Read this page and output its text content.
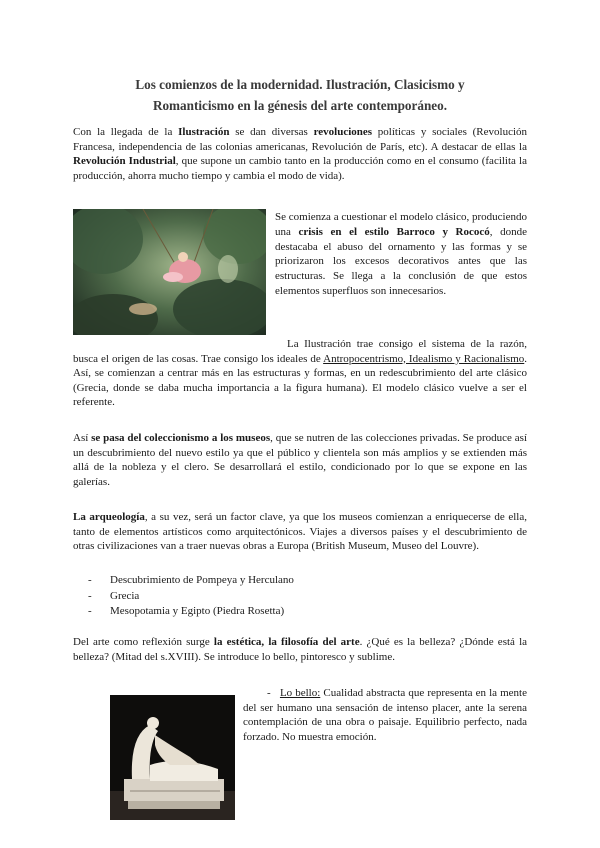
Los comienzos de la modernidad. Ilustración, Clasicismo y
Romanticismo en la génesis del arte contemporáneo.
Con la llegada de la Ilustración se dan diversas revoluciones políticas y sociales (Revolución Francesa, independencia de las colonias americanas, Revolución de París, etc). A destacar de ellas la Revolución Industrial, que supone un cambio tanto en la producción como en el consumo (facilita la producción, ahorra mucho tiempo y cambia el modo de vida).
Se comienza a cuestionar el modelo clásico, produciendo una crisis en el estilo Barroco y Rococó, donde destacaba el abuso del ornamento y las formas y se priorizaron los excesos decorativos antes que las estructuras. Se llega a la conclusión de que estos elementos superfluos son innecesarios.
La Ilustración trae consigo el sistema de la razón, busca el origen de las cosas. Trae consigo los ideales de Antropocentrismo, Idealismo y Racionalismo. Así, se comienzan a centrar más en las estructuras y formas, en un redescubrimiento del arte clásico (Grecia, donde se daba mucha importancia a la figura humana). El modelo clásico vuelve a ser el referente.
Así se pasa del coleccionismo a los museos, que se nutren de las colecciones privadas. Se produce así un descubrimiento del nuevo estilo ya que el público y clientela son más amplios y se extienden más allá de la nobleza y el clero. Se desarrollará el estilo, condicionado por lo que se expone en las galerías.
La arqueología, a su vez, será un factor clave, ya que los museos comienzan a enriquecerse de ella, tanto de elementos artísticos como arquitectónicos. Viajes a diversos países y el descubrimiento de otras civilizaciones van a traer nuevas obras a Europa (British Museum, Museo del Louvre).
-	Descubrimiento de Pompeya y Herculano
-	Grecia
-	Mesopotamia y Egipto (Piedra Rosetta)
Del arte como reflexión surge la estética, la filosofía del arte. ¿Qué es la belleza? ¿Dónde está la belleza? (Mitad del s.XVIII). Se introduce lo bello, pintoresco y sublime.
- Lo bello: Cualidad abstracta que representa en la mente del ser humano una sensación de intenso placer, ante la serena contemplación de una obra o paisaje. Equilibrio perfecto, nada forzado. No muestra emoción.
